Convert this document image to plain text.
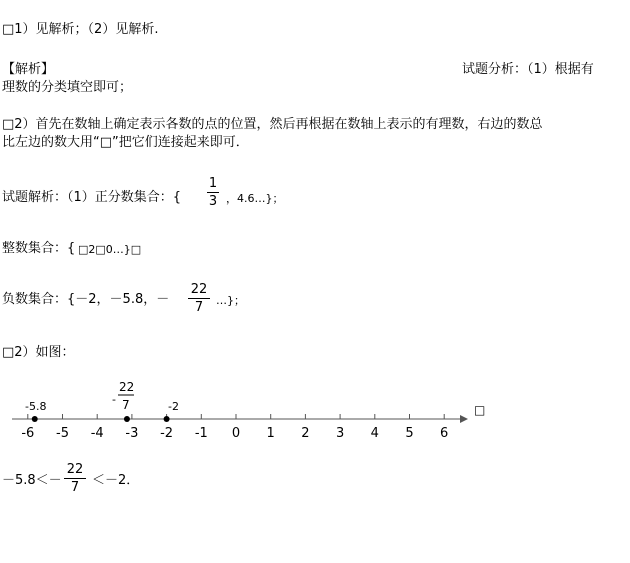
□1）见解析；（2）见解析.
【解析】	试题分析：（1）根据有
理数的分类填空即可；
□2）首先在数轴上确定表示各数的点的位置，然后再根据在数轴上表示的有理数，右边的数总
比左边的数大用“□”把它们连接起来即可．
试题解析：（1）正分数集合：{
1
3 ，4.6…}；
整数集合：{ □2□0…}□
负数集合：{－2，－5.8，－
22
7	…}；
□2）如图：
□
-6 -5 -4 -3 -2 -1 0 1 2 3 4 5 6
-5.8
-
22
7	-2
－5.8＜－
22
7 ＜－2．
